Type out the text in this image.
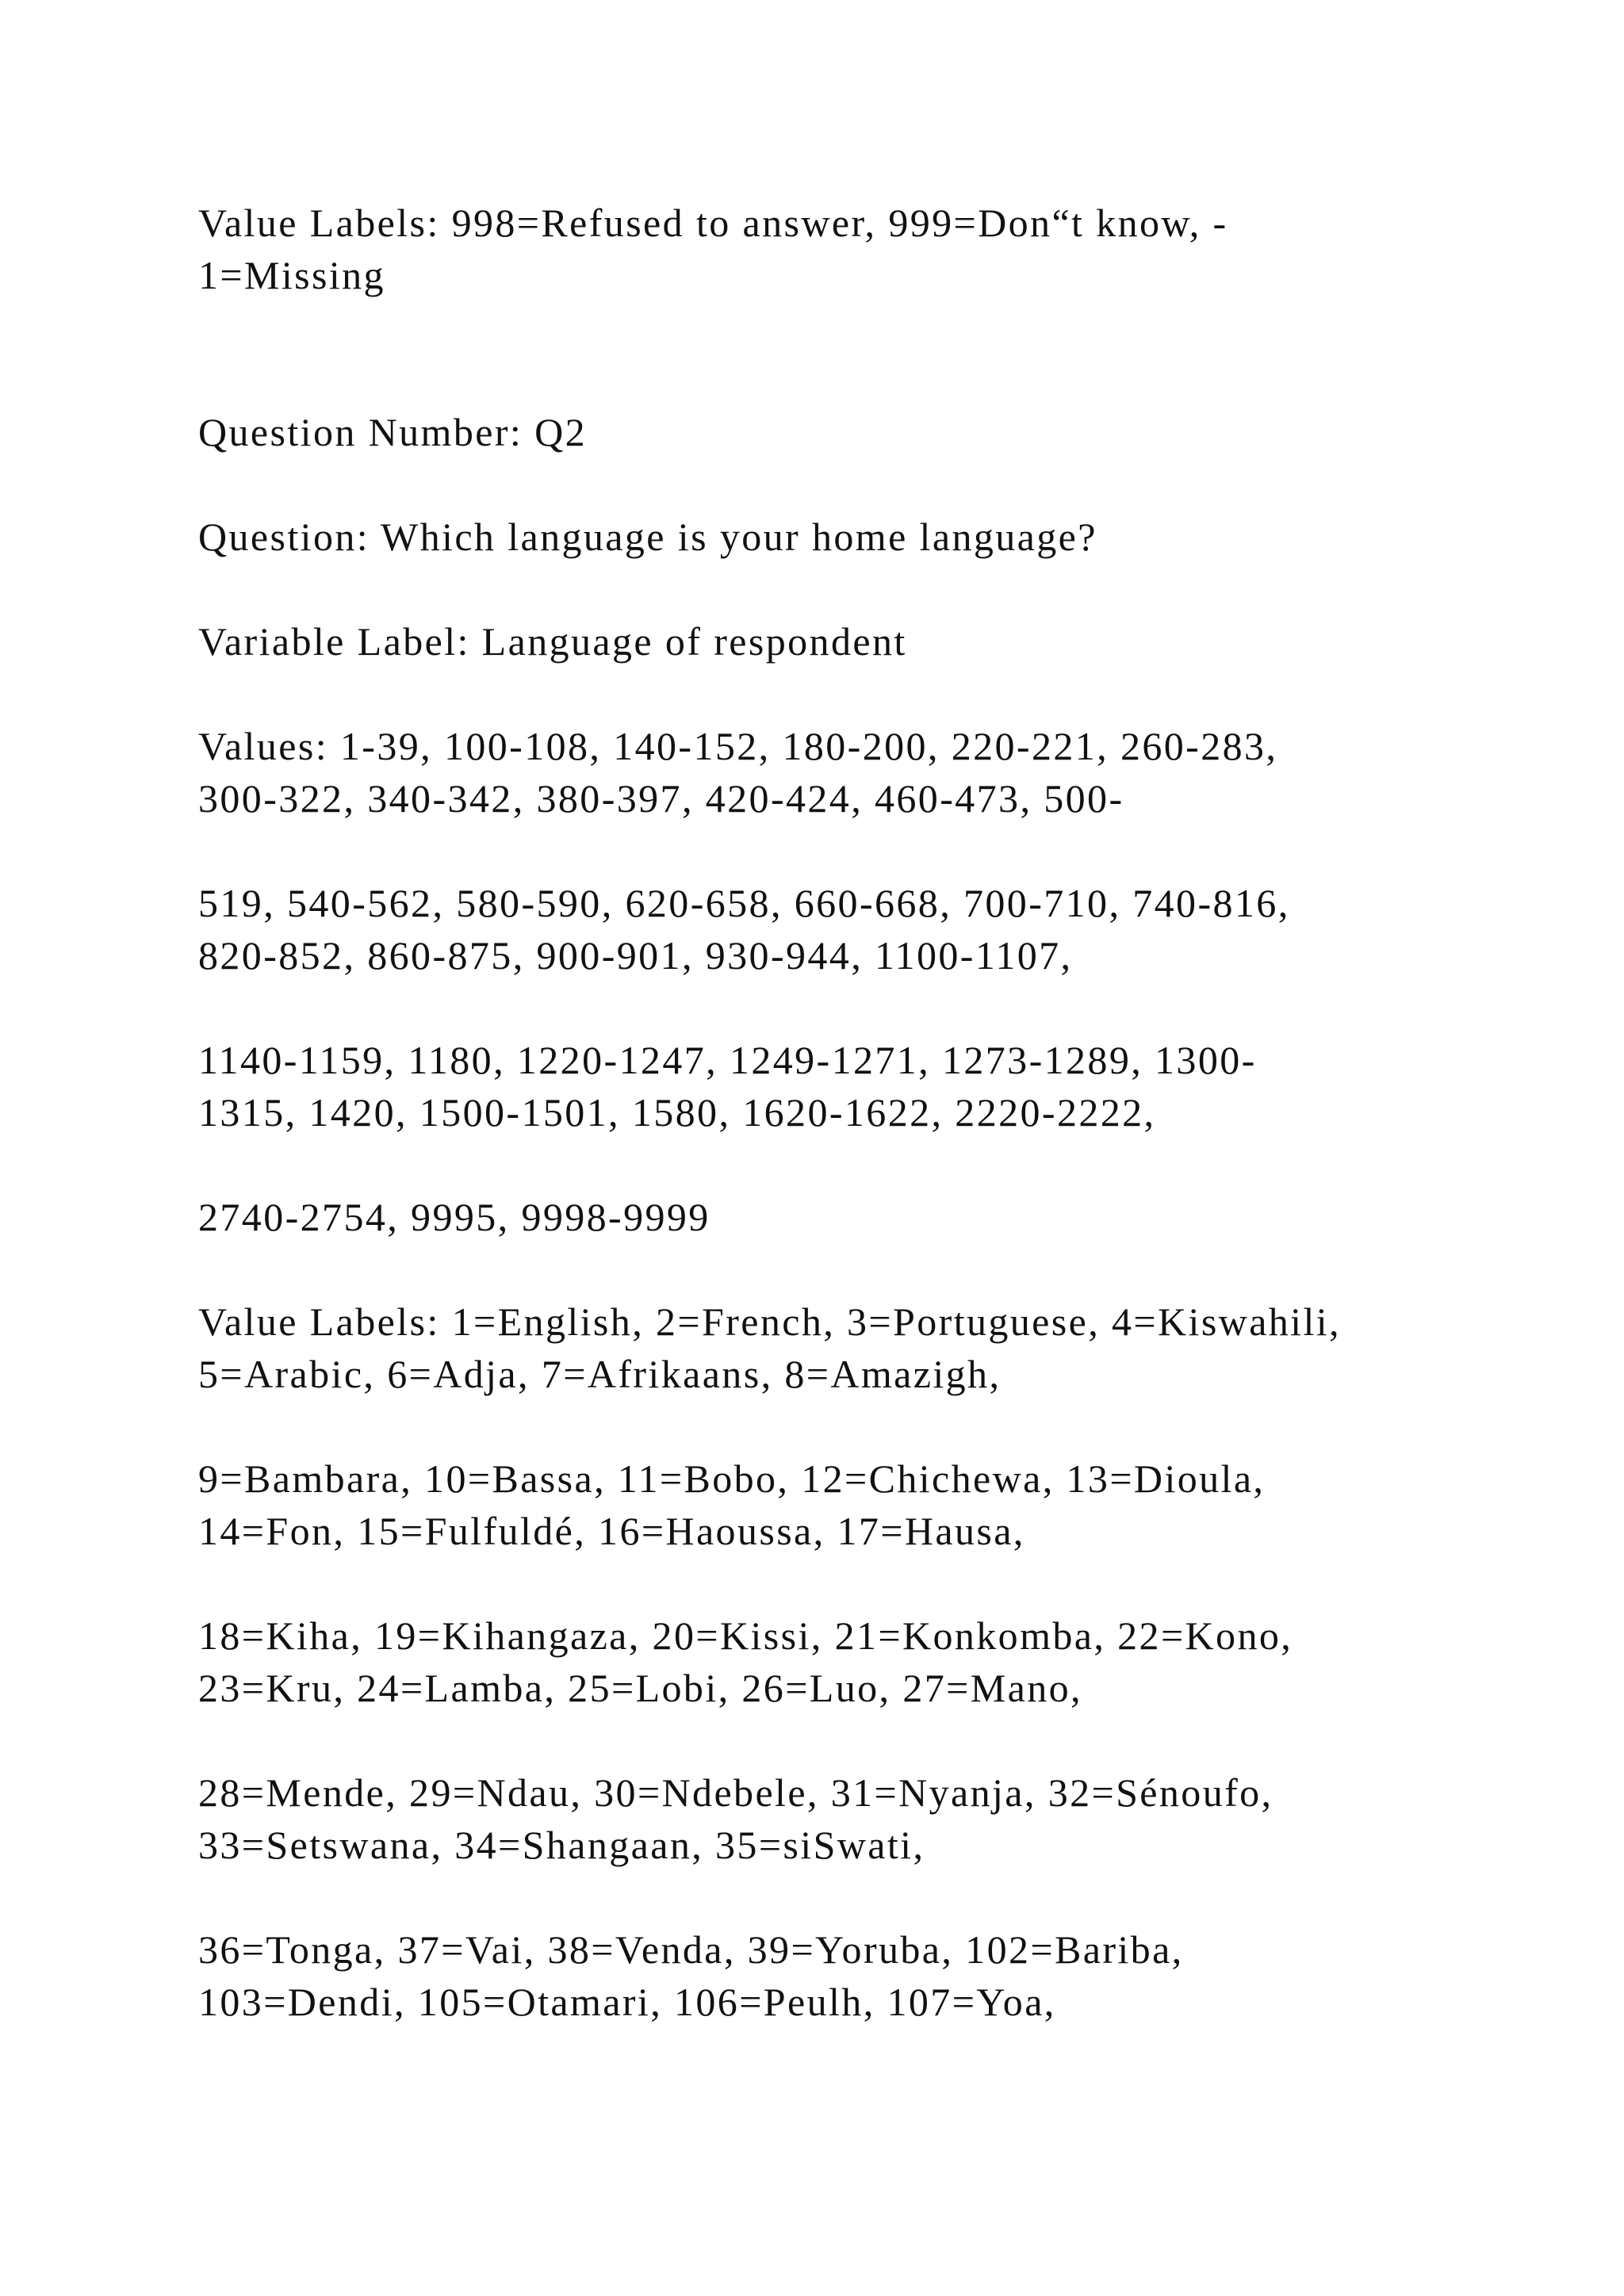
Value Labels: 998=Refused to answer, 999=Don“t know, -
1=Missing

Question Number: Q2

Question: Which language is your home language?

Variable Label: Language of respondent

Values: 1-39, 100-108, 140-152, 180-200, 220-221, 260-283,
300-322, 340-342, 380-397, 420-424, 460-473, 500-

519, 540-562, 580-590, 620-658, 660-668, 700-710, 740-816,
820-852, 860-875, 900-901, 930-944, 1100-1107,

1140-1159, 1180, 1220-1247, 1249-1271, 1273-1289, 1300-
1315, 1420, 1500-1501, 1580, 1620-1622, 2220-2222,

2740-2754, 9995, 9998-9999

Value Labels: 1=English, 2=French, 3=Portuguese, 4=Kiswahili,
5=Arabic, 6=Adja, 7=Afrikaans, 8=Amazigh,

9=Bambara, 10=Bassa, 11=Bobo, 12=Chichewa, 13=Dioula,
14=Fon, 15=Fulfuldé, 16=Haoussa, 17=Hausa,

18=Kiha, 19=Kihangaza, 20=Kissi, 21=Konkomba, 22=Kono,
23=Kru, 24=Lamba, 25=Lobi, 26=Luo, 27=Mano,

28=Mende, 29=Ndau, 30=Ndebele, 31=Nyanja, 32=Sénoufo,
33=Setswana, 34=Shangaan, 35=siSwati,

36=Tonga, 37=Vai, 38=Venda, 39=Yoruba, 102=Bariba,
103=Dendi, 105=Otamari, 106=Peulh, 107=Yoa,
